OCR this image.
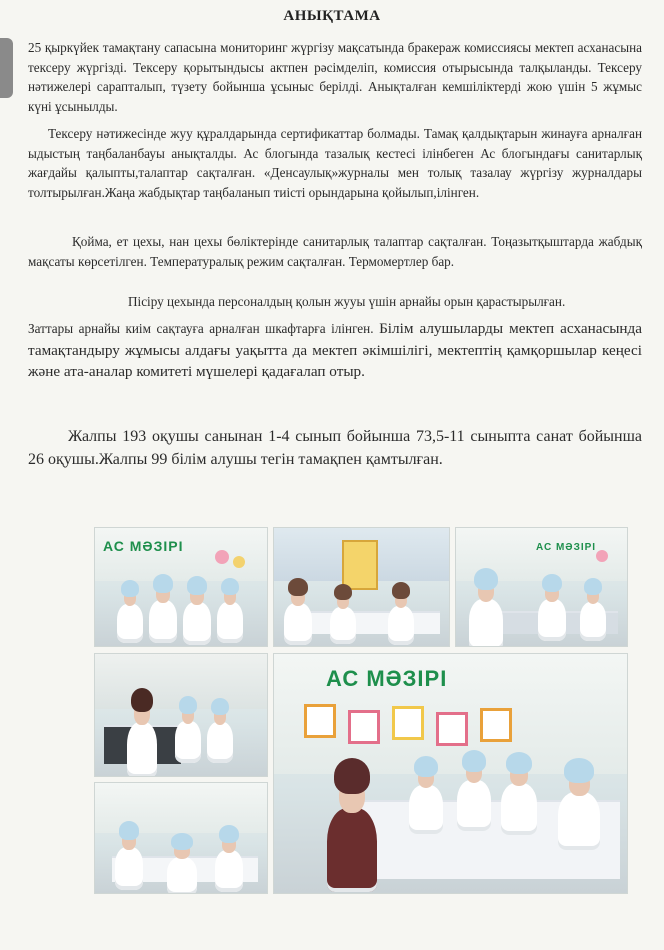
АНЫҚТАМА

25 қыркүйек тамақтану сапасына мониторинг жүргізу мақсатында бракераж комиссиясы мектеп асханасына тексеру жүргізді. Тексеру қорытындысы актпен рәсімделіп, комиссия отырысында талқыланды. Тексеру нәтижелері сарапталып, түзету бойынша ұсыныс берілді. Анықталған кемшіліктерді жою үшін 5 жұмыс күні ұсынылды.

Тексеру нәтижесінде жуу құралдарында сертификаттар болмады. Тамақ қалдықтарын жинауға арналған ыдыстың таңбаланбауы анықталды. Ас блогында тазалық кестесі ілінбеген Ас блогындағы санитарлық жағдайы қалыпты,талаптар сақталған. «Денсаулық»журналы мен толық тазалау жүргізу журналдары толтырылған.Жаңа жабдықтар таңбаланып тиісті орындарына қойылып,ілінген.

Қойма, ет цехы, нан цехы бөліктерінде санитарлық талаптар сақталған. Тоңазытқыштарда жабдық мақсаты көрсетілген. Температуралық режим сақталған. Термомертлер бар.

Пісіру цехында персоналдың қолын жууы үшін арнайы орын қарастырылған.

Заттары арнайы киім сақтауға арналған шкафтарға ілінген. Білім алушыларды мектеп асханасында тамақтандыру жұмысы алдағы уақытта да мектеп әкімшілігі, мектептің қамқоршылар кеңесі және ата-аналар комитеті мүшелері қадағалап отыр.

Жалпы 193 оқушы санынан 1-4 сынып бойынша 73,5-11 сыныпта санат бойынша 26 оқушы.Жалпы 99 білім алушы тегін тамақпен қамтылған.

АС МӘЗІРІ	АС МӘЗІРІ
АС МӘЗІРІ
